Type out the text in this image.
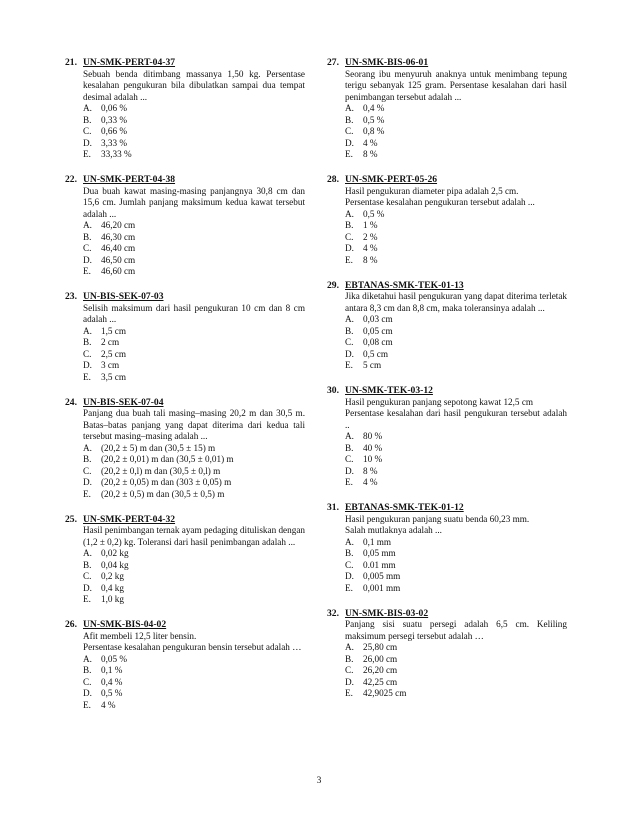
21. UN-SMK-PERT-04-37
Sebuah benda ditimbang massanya 1,50 kg. Persentase kesalahan pengukuran bila dibulatkan sampai dua tempat desimal adalah ...
A. 0,06 %
B.	0,33 %
C.	0,66 %
D. 3,33 %
E.	33,33 %
22. UN-SMK-PERT-04-38
Dua buah kawat masing-masing panjangnya 30,8 cm dan 15,6 cm. Jumlah panjang maksimum kedua kawat tersebut adalah ...
A. 46,20 cm
B.	46,30 cm
C.	46,40 cm
D. 46,50 cm
E.	46,60 cm
23. UN-BIS-SEK-07-03
Selisih maksimum dari hasil pengukuran 10 cm dan 8 cm adalah ...
A. 1,5 cm
B.	2 cm
C.	2,5 cm
D. 3 cm
E.	3,5 cm
24. UN-BIS-SEK-07-04
Panjang dua buah tali masing–masing 20,2 m dan 30,5 m. Batas–batas panjang yang dapat diterima dari kedua tali tersebut masing–masing adalah ...
A. (20,2 ± 5) m dan (30,5 ± 15) m
B.	(20,2 ± 0,01) m dan (30,5 ± 0,01) m
C.	(20,2 ± 0,l) m dan (30,5 ± 0,l) m
D. (20,2 ± 0,05) m dan (303 ± 0,05) m
E.	(20,2 ± 0,5) m dan (30,5 ± 0,5) m
25. UN-SMK-PERT-04-32
Hasil penimbangan ternak ayam pedaging dituliskan dengan (1,2 ± 0,2) kg. Toleransi dari hasil penimbangan adalah ...
A. 0,02 kg
B.	0,04 kg
C.	0,2 kg
D. 0,4 kg
E.	1,0 kg
26. UN-SMK-BIS-04-02
Afit membeli 12,5 liter bensin.
Persentase kesalahan pengukuran bensin tersebut adalah …
A. 0,05 %
B.	0,1 %
C.	0,4 %
D. 0,5 %
E.	4 %
27. UN-SMK-BIS-06-01
Seorang ibu menyuruh anaknya untuk menimbang tepung terigu sebanyak 125 gram. Persentase kesalahan dari hasil penimbangan tersebut adalah ...
A. 0,4 %
B.	0,5 %
C.	0,8 %
D. 4 %
E.	8 %
28. UN-SMK-PERT-05-26
Hasil pengukuran diameter pipa adalah 2,5 cm.
Persentase kesalahan pengukuran tersebut adalah ...
A. 0,5 %
B.	1 %
C.	2 %
D. 4 %
E.	8 %
29. EBTANAS-SMK-TEK-01-13
Jika diketahui hasil pengukuran yang dapat diterima terletak antara 8,3 cm dan 8,8 cm, maka toleransinya adalah ...
A. 0,03 cm
B.	0,05 cm
C.	0,08 cm
D. 0,5 cm
E.	5 cm
30. UN-SMK-TEK-03-12
Hasil pengukuran panjang sepotong kawat 12,5 cm
Persentase kesalahan dari hasil pengukuran tersebut adalah ..
A. 80 %
B.	40 %
C.	10 %
D. 8 %
E.	4 %
31. EBTANAS-SMK-TEK-01-12
Hasil pengukuran panjang suatu benda 60,23 mm.
Salah mutlaknya adalah ...
A. 0,1 mm
B.	0,05 mm
C.	0.01 mm
D. 0,005 mm
E.	0,001 mm
32. UN-SMK-BIS-03-02
Panjang sisi suatu persegi adalah 6,5 cm. Keliling maksimum persegi tersebut adalah …
A. 25,80 cm
B.	26,00 cm
C.	26,20 cm
D. 42,25 cm
E.	42,9025 cm
3
